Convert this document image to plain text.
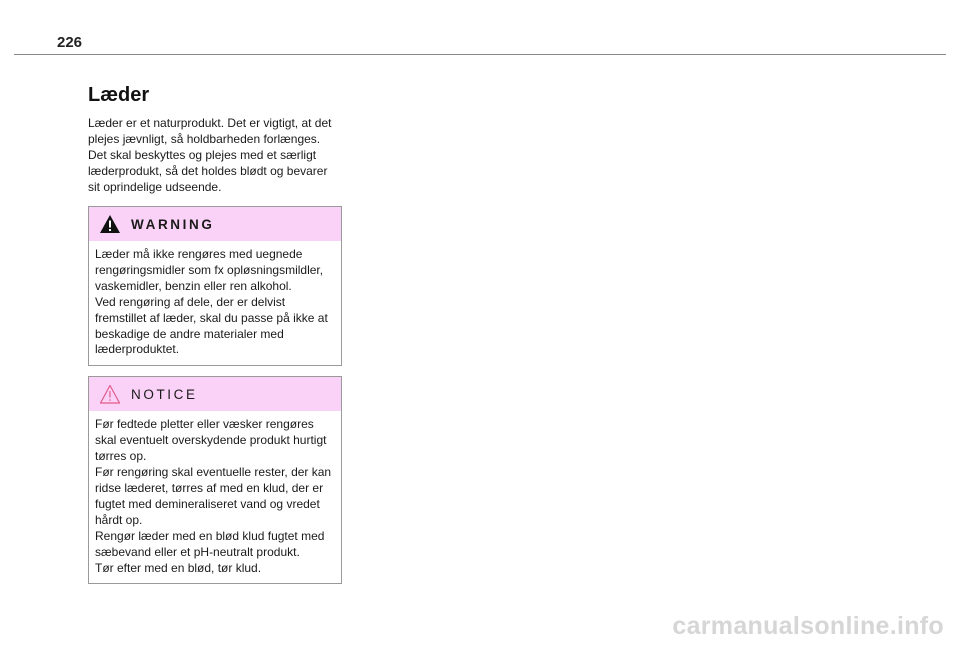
226
Læder

Læder er et naturprodukt. Det er vigtigt, at det plejes jævnligt, så holdbarheden forlænges.

Det skal beskyttes og plejes med et særligt læderprodukt, så det holdes blødt og bevarer sit oprindelige udseende.

WARNING

Læder må ikke rengøres med uegnede rengøringsmidler som fx opløsningsmildler, vaskemidler, benzin eller ren alkohol.

Ved rengøring af dele, der er delvist fremstillet af læder, skal du passe på ikke at beskadige de andre materialer med læderproduktet.

NOTICE

Før fedtede pletter eller væsker rengøres skal eventuelt overskydende produkt hurtigt tørres op.

Før rengøring skal eventuelle rester, der kan ridse læderet, tørres af med en klud, der er fugtet med demineraliseret vand og vredet hårdt op.

Rengør læder med en blød klud fugtet med sæbevand eller et pH-neutralt produkt.

Tør efter med en blød, tør klud.

carmanualsonline.info
